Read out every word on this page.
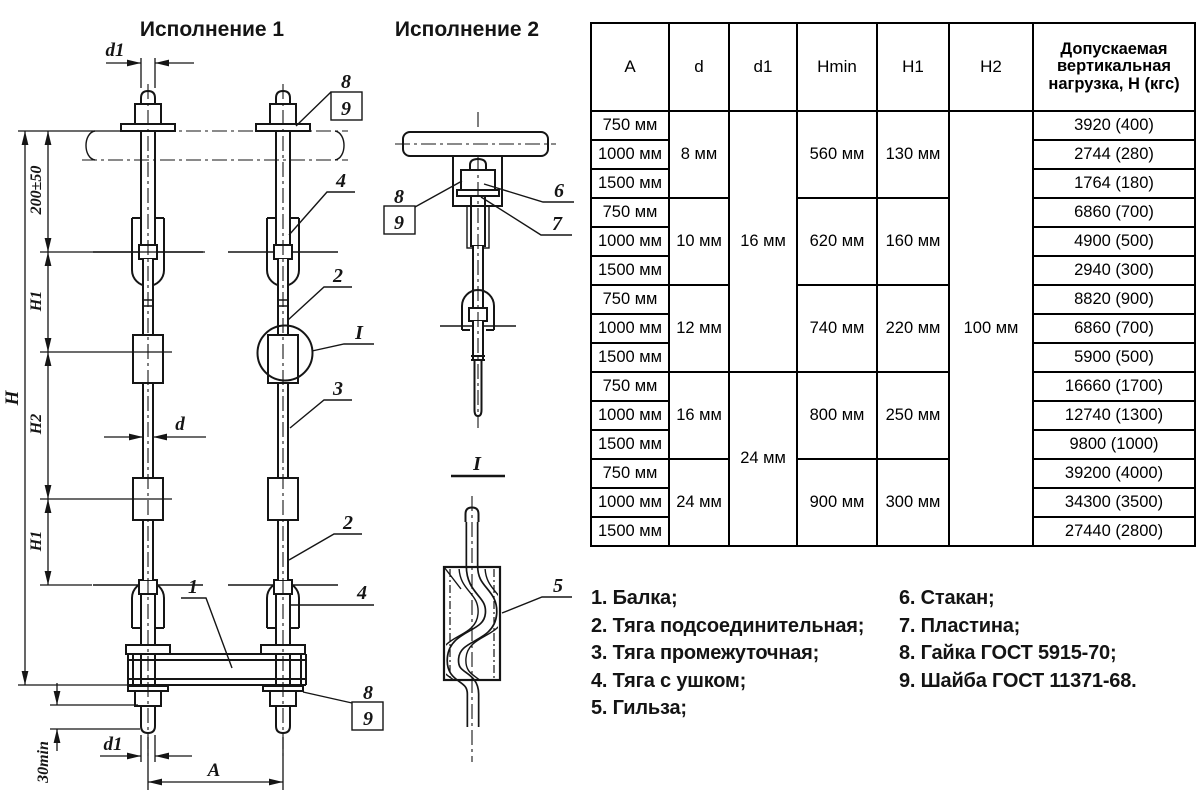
Исполнение 1	Исполнение 2
H
200±50
H1
H2
H1
30min
d1
d
d1
A
8
9
4
2
I
3
2
4
1
8
9
8
9
6
7
I
5
A	d	d1	Hmin	H1	H2	Допускаемая вертикальная нагрузка, Н (кгс)
750 мм	8 мм	16 мм	560 мм	130 мм	100 мм	3920 (400)
1000 мм						2744 (280)
1500 мм						1764 (180)
750 мм	10 мм		620 мм	160 мм		6860 (700)
1000 мм						4900 (500)
1500 мм						2940 (300)
750 мм	12 мм		740 мм	220 мм		8820 (900)
1000 мм						6860 (700)
1500 мм						5900 (500)
750 мм	16 мм	24 мм	800 мм	250 мм		16660 (1700)
1000 мм						12740 (1300)
1500 мм						9800 (1000)
750 мм	24 мм		900 мм	300 мм		39200 (4000)
1000 мм						34300 (3500)
1500 мм						27440 (2800)
1. Балка;
2. Тяга подсоединительная;
3. Тяга промежуточная;
4. Тяга с ушком;
5. Гильза;
6. Стакан;
7. Пластина;
8. Гайка ГОСТ 5915-70;
9. Шайба ГОСТ 11371-68.
